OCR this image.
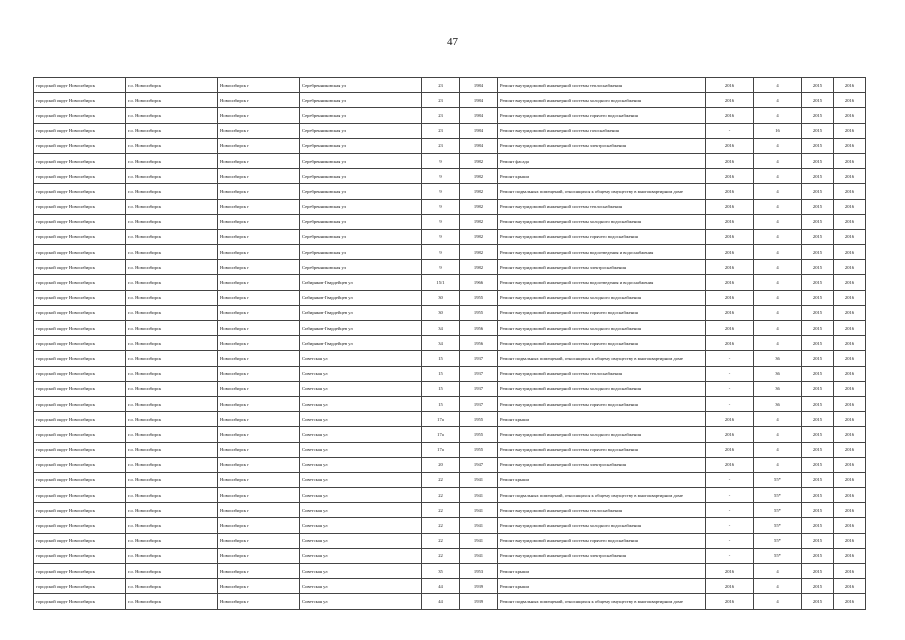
47
городской округ Новосибирск	г.о. Новосибирск	Новосибирск г	Серебренниковская ул	23	1984	Ремонт внутридомовой инженерной системы теплоснабжения	2016	4	2015	2016
городской округ Новосибирск	г.о. Новосибирск	Новосибирск г	Серебренниковская ул	23	1984	Ремонт внутридомовой инженерной системы холодного водоснабжения	2016	4	2015	2016
городской округ Новосибирск	г.о. Новосибирск	Новосибирск г	Серебренниковская ул	23	1984	Ремонт внутридомовой инженерной системы горячего водоснабжения	2016	4	2015	2016
городской округ Новосибирск	г.о. Новосибирск	Новосибирск г	Серебренниковская ул	23	1984	Ремонт внутридомовой инженерной системы газоснабжения	-	16	2015	2016
городской округ Новосибирск	г.о. Новосибирск	Новосибирск г	Серебренниковская ул	23	1984	Ремонт внутридомовой инженерной системы электроснабжения	2016	4	2015	2016
городской округ Новосибирск	г.о. Новосибирск	Новосибирск г	Серебренниковская ул	9	1982	Ремонт фасада	2016	4	2015	2016
городской округ Новосибирск	г.о. Новосибирск	Новосибирск г	Серебренниковская ул	9	1982	Ремонт крыши	2016	4	2015	2016
городской округ Новосибирск	г.о. Новосибирск	Новосибирск г	Серебренниковская ул	9	1982	Ремонт подвальных помещений, относящихся к общему имуществу в многоквартирном доме	2016	4	2015	2016
городской округ Новосибирск	г.о. Новосибирск	Новосибирск г	Серебренниковская ул	9	1982	Ремонт внутридомовой инженерной системы теплоснабжения	2016	4	2015	2016
городской округ Новосибирск	г.о. Новосибирск	Новосибирск г	Серебренниковская ул	9	1982	Ремонт внутридомовой инженерной системы холодного водоснабжения	2016	4	2015	2016
городской округ Новосибирск	г.о. Новосибирск	Новосибирск г	Серебренниковская ул	9	1982	Ремонт внутридомовой инженерной системы горячего водоснабжения	2016	4	2015	2016
городской округ Новосибирск	г.о. Новосибирск	Новосибирск г	Серебренниковская ул	9	1982	Ремонт внутридомовой инженерной системы водоотведения и водоснабжения	2016	4	2015	2016
городской округ Новосибирск	г.о. Новосибирск	Новосибирск г	Серебренниковская ул	9	1982	Ремонт внутридомовой инженерной системы электроснабжения	2016	4	2015	2016
городской округ Новосибирск	г.о. Новосибирск	Новосибирск г	Сибиряков-Гвардейцев ул	15/1	1966	Ремонт внутридомовой инженерной системы водоотведения и водоснабжения	2016	4	2015	2016
городской округ Новосибирск	г.о. Новосибирск	Новосибирск г	Сибиряков-Гвардейцев ул	30	1955	Ремонт внутридомовой инженерной системы холодного водоснабжения	2016	4	2015	2016
городской округ Новосибирск	г.о. Новосибирск	Новосибирск г	Сибиряков-Гвардейцев ул	30	1955	Ремонт внутридомовой инженерной системы горячего водоснабжения	2016	4	2015	2016
городской округ Новосибирск	г.о. Новосибирск	Новосибирск г	Сибиряков-Гвардейцев ул	34	1956	Ремонт внутридомовой инженерной системы холодного водоснабжения	2016	4	2015	2016
городской округ Новосибирск	г.о. Новосибирск	Новосибирск г	Сибиряков-Гвардейцев ул	34	1956	Ремонт внутридомовой инженерной системы горячего водоснабжения	2016	4	2015	2016
городской округ Новосибирск	г.о. Новосибирск	Новосибирск г	Советская ул	15	1937	Ремонт подвальных помещений, относящихся к общему имуществу в многоквартирном доме	-	36	2015	2016
городской округ Новосибирск	г.о. Новосибирск	Новосибирск г	Советская ул	15	1937	Ремонт внутридомовой инженерной системы теплоснабжения	-	36	2015	2016
городской округ Новосибирск	г.о. Новосибирск	Новосибирск г	Советская ул	15	1937	Ремонт внутридомовой инженерной системы холодного водоснабжения	-	36	2015	2016
городской округ Новосибирск	г.о. Новосибирск	Новосибирск г	Советская ул	15	1937	Ремонт внутридомовой инженерной системы горячего водоснабжения	-	36	2015	2016
городской округ Новосибирск	г.о. Новосибирск	Новосибирск г	Советская ул	17а	1955	Ремонт крыши	2016	4	2015	2016
городской округ Новосибирск	г.о. Новосибирск	Новосибирск г	Советская ул	17а	1955	Ремонт внутридомовой инженерной системы холодного водоснабжения	2016	4	2015	2016
городской округ Новосибирск	г.о. Новосибирск	Новосибирск г	Советская ул	17а	1955	Ремонт внутридомовой инженерной системы горячего водоснабжения	2016	4	2015	2016
городской округ Новосибирск	г.о. Новосибирск	Новосибирск г	Советская ул	20	1947	Ремонт внутридомовой инженерной системы электроснабжения	2016	4	2015	2016
городской округ Новосибирск	г.о. Новосибирск	Новосибирск г	Советская ул	22	1941	Ремонт крыши	-	55*	2015	2016
городской округ Новосибирск	г.о. Новосибирск	Новосибирск г	Советская ул	22	1941	Ремонт подвальных помещений, относящихся к общему имуществу в многоквартирном доме	-	55*	2015	2016
городской округ Новосибирск	г.о. Новосибирск	Новосибирск г	Советская ул	22	1941	Ремонт внутридомовой инженерной системы теплоснабжения	-	55*	2015	2016
городской округ Новосибирск	г.о. Новосибирск	Новосибирск г	Советская ул	22	1941	Ремонт внутридомовой инженерной системы холодного водоснабжения	-	55*	2015	2016
городской округ Новосибирск	г.о. Новосибирск	Новосибирск г	Советская ул	22	1941	Ремонт внутридомовой инженерной системы горячего водоснабжения	-	55*	2015	2016
городской округ Новосибирск	г.о. Новосибирск	Новосибирск г	Советская ул	22	1941	Ремонт внутридомовой инженерной системы электроснабжения	-	55*	2015	2016
городской округ Новосибирск	г.о. Новосибирск	Новосибирск г	Советская ул	35	1953	Ремонт крыши	2016	4	2015	2016
городской округ Новосибирск	г.о. Новосибирск	Новосибирск г	Советская ул	44	1939	Ремонт крыши	2016	4	2015	2016
городской округ Новосибирск	г.о. Новосибирск	Новосибирск г	Советская ул	44	1939	Ремонт подвальных помещений, относящихся к общему имуществу в многоквартирном доме	2016	4	2015	2016
